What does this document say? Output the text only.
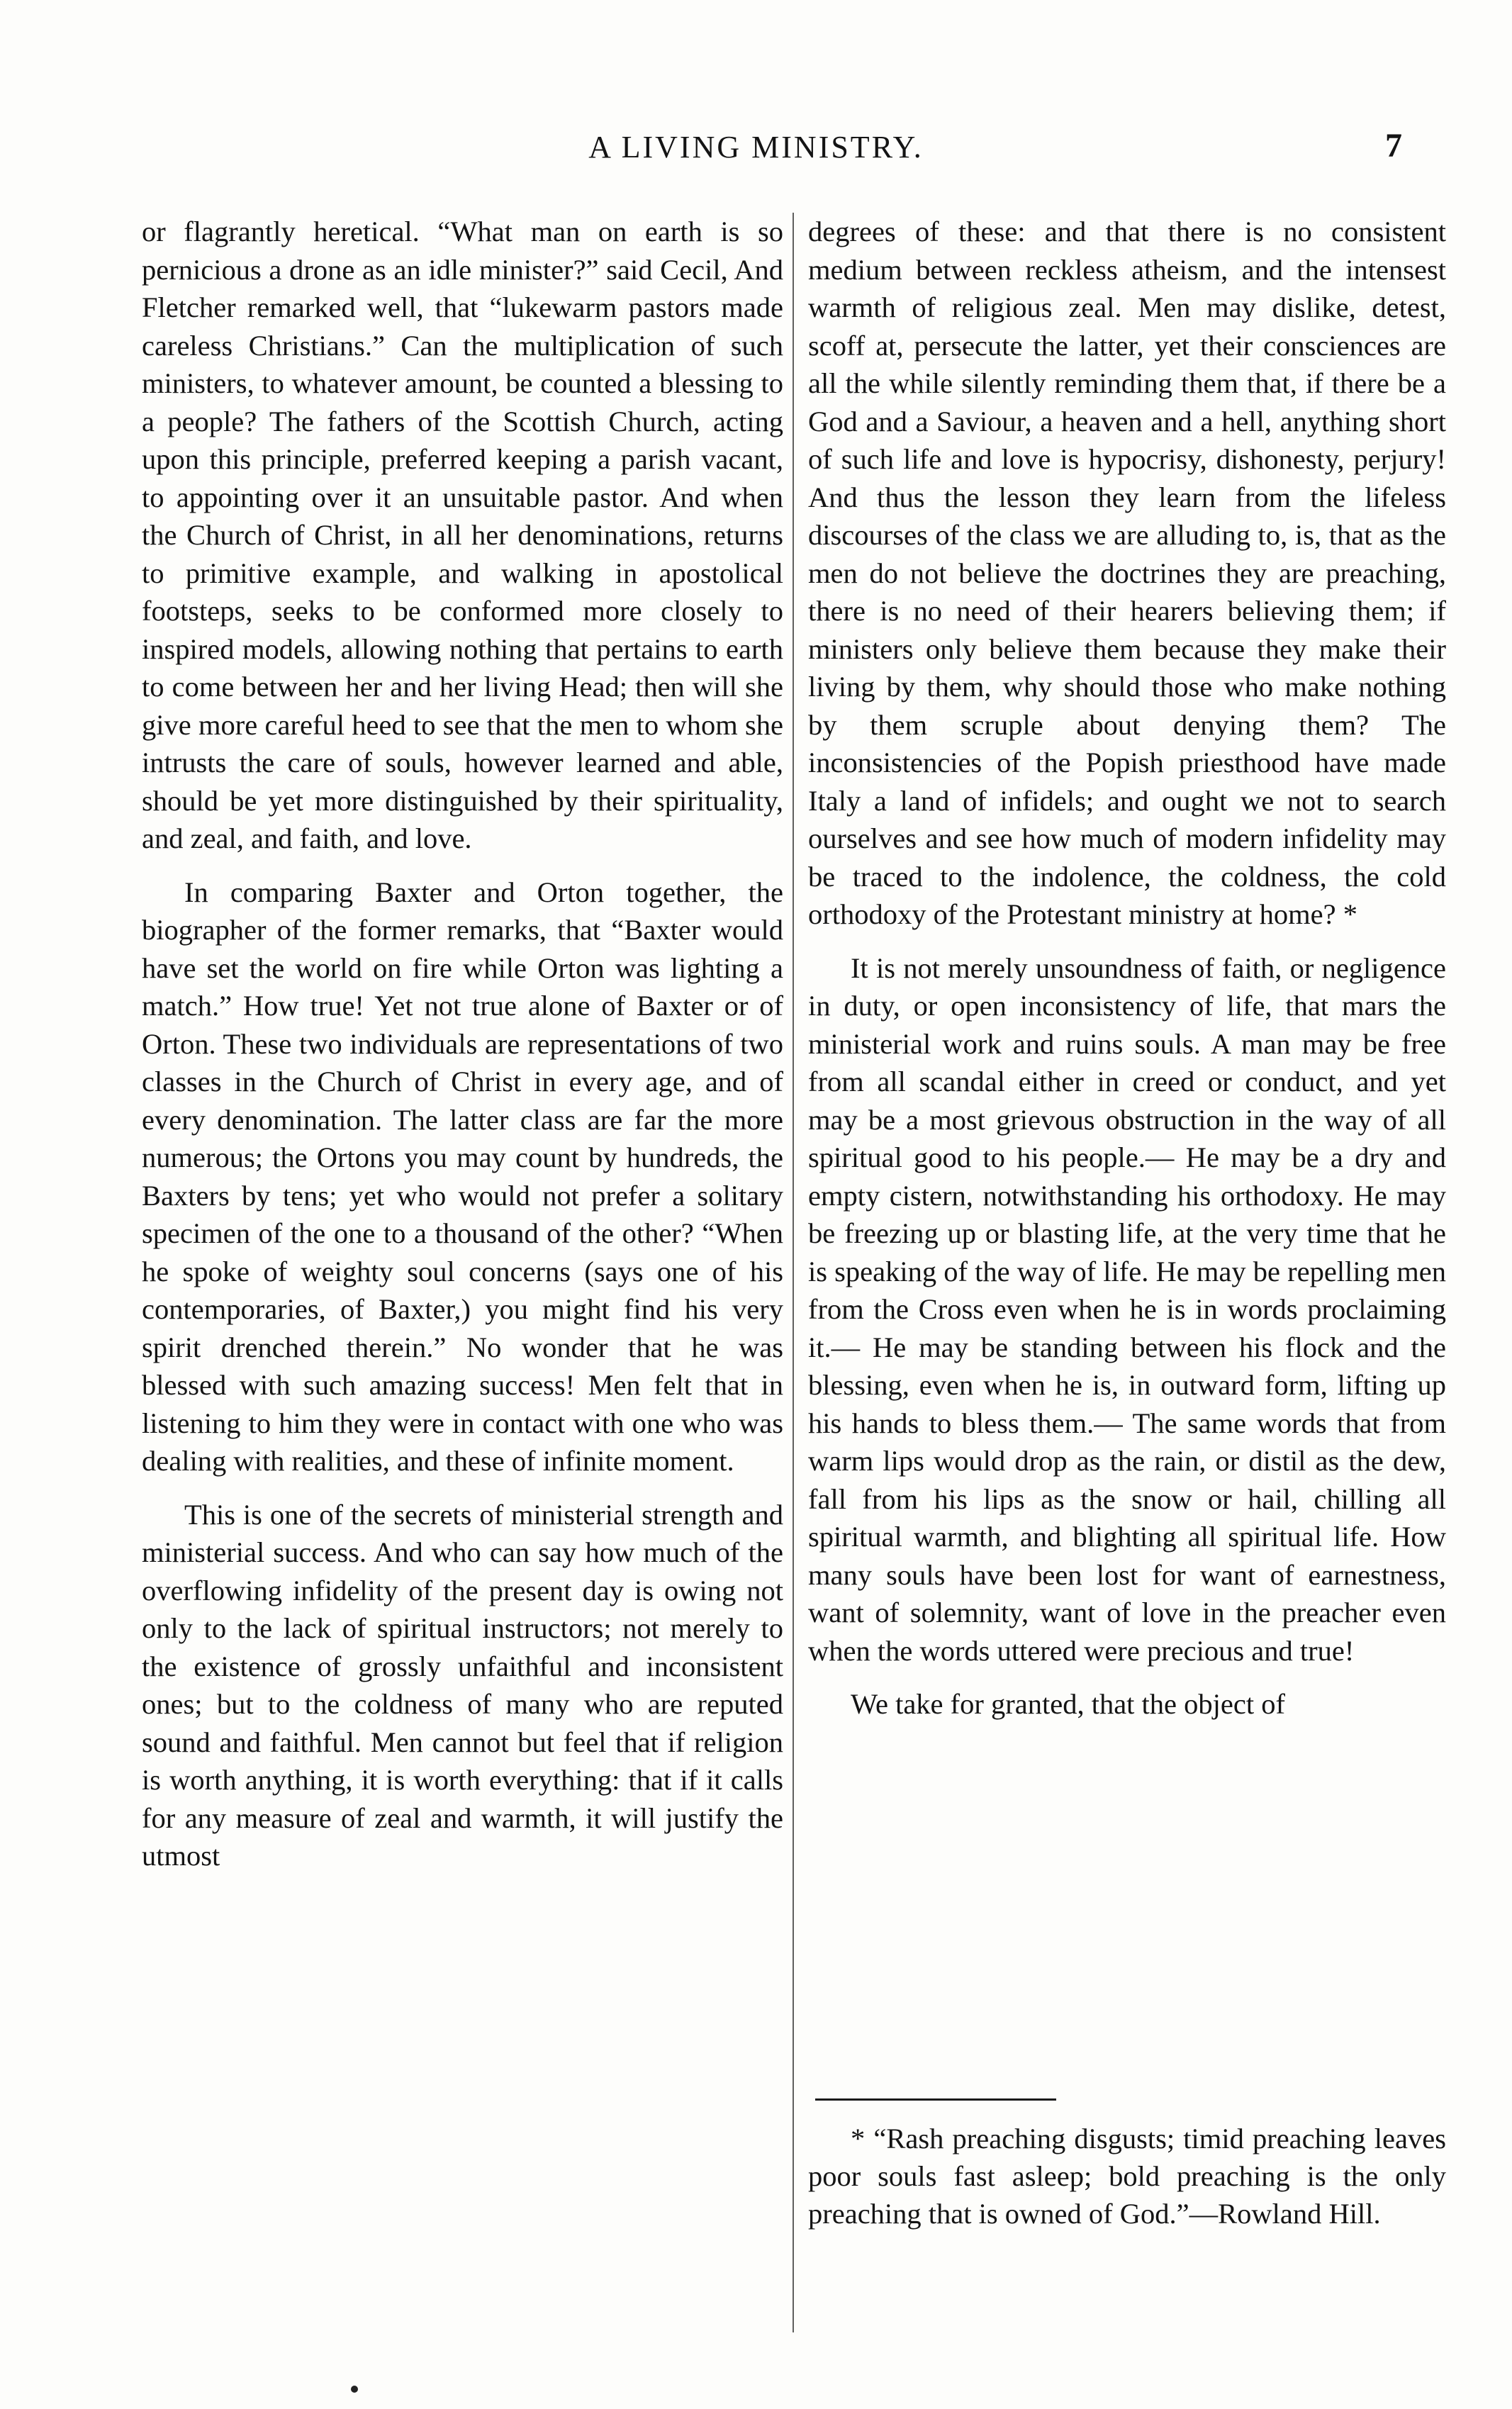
A LIVING MINISTRY.	7

or flagrantly heretical. “What man on earth is so pernicious a drone as an idle minister?” said Cecil, And Fletcher remarked well, that “lukewarm pastors made careless Christians.” Can the multiplication of such ministers, to whatever amount, be counted a blessing to a people? The fathers of the Scottish Church, acting upon this principle, preferred keeping a parish vacant, to appointing over it an unsuitable pastor. And when the Church of Christ, in all her denominations, returns to primitive example, and walking in apostolical footsteps, seeks to be conformed more closely to inspired models, allowing nothing that pertains to earth to come between her and her living Head; then will she give more careful heed to see that the men to whom she intrusts the care of souls, however learned and able, should be yet more distinguished by their spirituality, and zeal, and faith, and love.

In comparing Baxter and Orton together, the biographer of the former remarks, that “Baxter would have set the world on fire while Orton was lighting a match.” How true! Yet not true alone of Baxter or of Orton. These two individuals are representations of two classes in the Church of Christ in every age, and of every denomination. The latter class are far the more numerous; the Ortons you may count by hundreds, the Baxters by tens; yet who would not prefer a solitary specimen of the one to a thousand of the other? “When he spoke of weighty soul concerns (says one of his contemporaries, of Baxter,) you might find his very spirit drenched therein.” No wonder that he was blessed with such amazing success! Men felt that in listening to him they were in contact with one who was dealing with realities, and these of infinite moment.

This is one of the secrets of ministerial strength and ministerial success. And who can say how much of the overflowing infidelity of the present day is owing not only to the lack of spiritual instructors; not merely to the existence of grossly unfaithful and inconsistent ones; but to the coldness of many who are reputed sound and faithful. Men cannot but feel that if religion is worth anything, it is worth everything: that if it calls for any measure of zeal and warmth, it will justify the utmost

degrees of these: and that there is no consistent medium between reckless atheism, and the intensest warmth of religious zeal. Men may dislike, detest, scoff at, persecute the latter, yet their consciences are all the while silently reminding them that, if there be a God and a Saviour, a heaven and a hell, anything short of such life and love is hypocrisy, dishonesty, perjury! And thus the lesson they learn from the lifeless discourses of the class we are alluding to, is, that as the men do not believe the doctrines they are preaching, there is no need of their hearers believing them; if ministers only believe them because they make their living by them, why should those who make nothing by them scruple about denying them? The inconsistencies of the Popish priesthood have made Italy a land of infidels; and ought we not to search ourselves and see how much of modern infidelity may be traced to the indolence, the coldness, the cold orthodoxy of the Protestant ministry at home? *

It is not merely unsoundness of faith, or negligence in duty, or open inconsistency of life, that mars the ministerial work and ruins souls. A man may be free from all scandal either in creed or conduct, and yet may be a most grievous obstruction in the way of all spiritual good to his people.— He may be a dry and empty cistern, notwithstanding his orthodoxy. He may be freezing up or blasting life, at the very time that he is speaking of the way of life. He may be repelling men from the Cross even when he is in words proclaiming it.— He may be standing between his flock and the blessing, even when he is, in outward form, lifting up his hands to bless them.— The same words that from warm lips would drop as the rain, or distil as the dew, fall from his lips as the snow or hail, chilling all spiritual warmth, and blighting all spiritual life. How many souls have been lost for want of earnestness, want of solemnity, want of love in the preacher even when the words uttered were precious and true!

We take for granted, that the object of

* “Rash preaching disgusts; timid preaching leaves poor souls fast asleep; bold preaching is the only preaching that is owned of God.”—Rowland Hill.
